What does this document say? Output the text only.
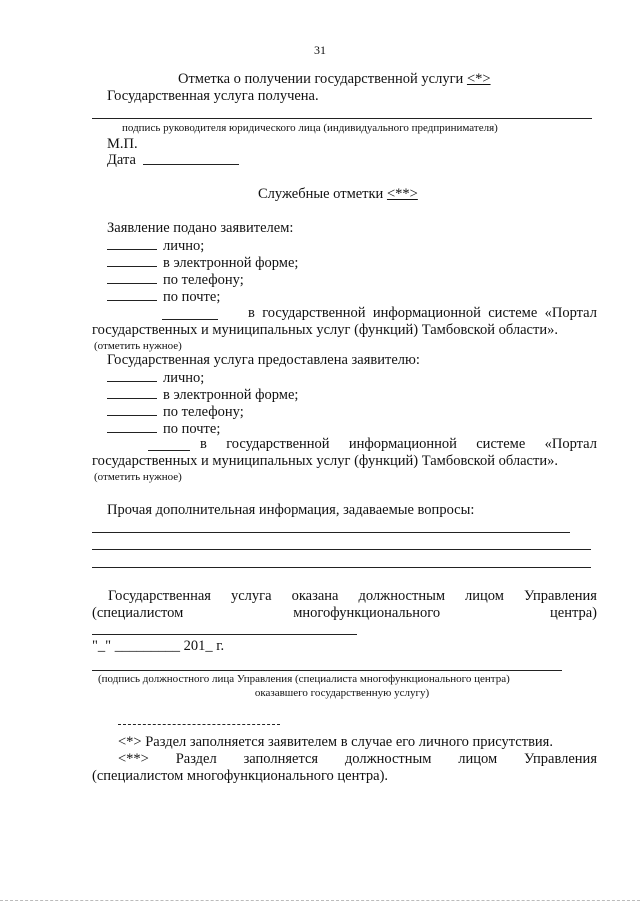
31
Отметка о получении государственной услуги <*>
Государственная услуга получена.
подпись руководителя юридического лица (индивидуального предпринимателя)
М.П.
Дата
Служебные отметки <**>
Заявление подано заявителем:
лично;
в электронной форме;
по телефону;
по почте;
в государственной информационной системе «Портал
государственных и муниципальных услуг (функций) Тамбовской области».
(отметить нужное)
Государственная услуга предоставлена заявителю:
лично;
в электронной форме;
по телефону;
по почте;
в государственной информационной системе «Портал
государственных и муниципальных услуг (функций) Тамбовской области».
(отметить нужное)
Прочая дополнительная информация, задаваемые вопросы:
Государственная услуга оказана должностным лицом Управления
(специалистом	многофункционального	центра)
"_" _________ 201_ г.
(подпись должностного лица Управления (специалиста многофункционального центра)
оказавшего государственную услугу)
<*> Раздел заполняется заявителем в случае его личного присутствия.
<**> Раздел заполняется должностным лицом Управления
(специалистом многофункционального центра).
